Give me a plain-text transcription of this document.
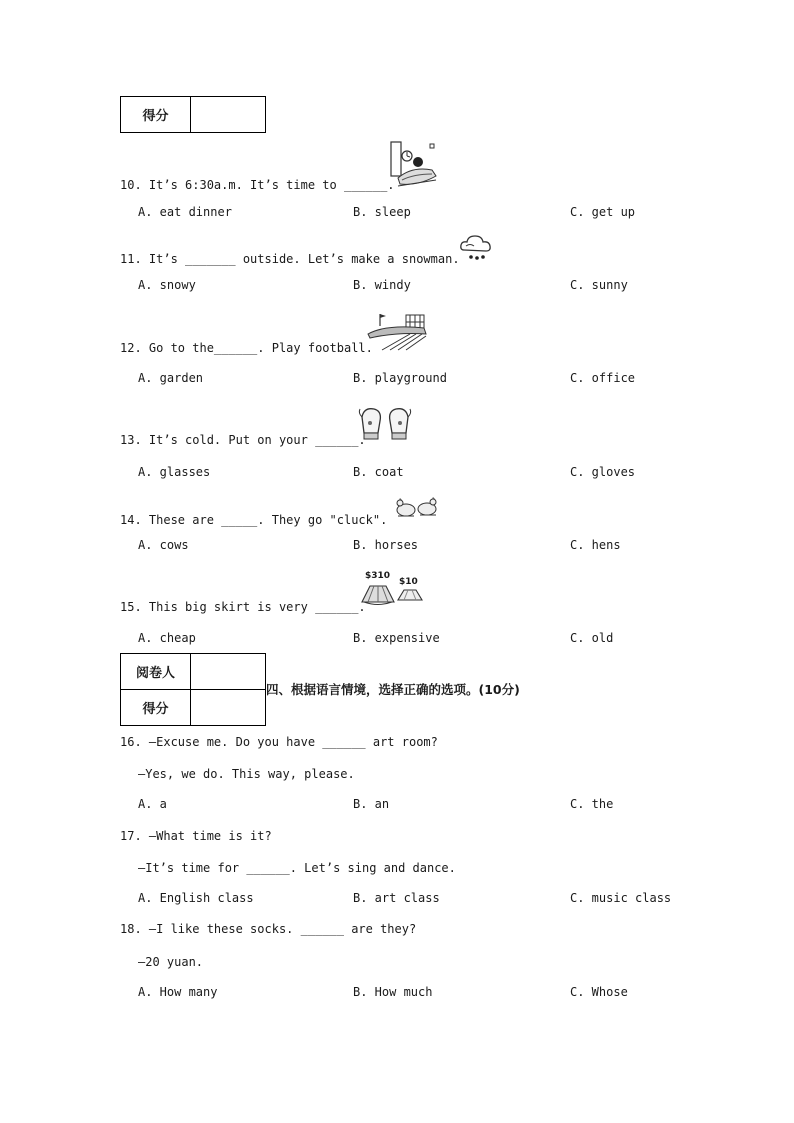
得分
10. It’s 6:30a.m. It’s time to ______.
A. eat dinner	B. sleep	C. get up
11. It’s _______ outside. Let’s make a snowman.
A. snowy	B. windy	C. sunny
12. Go to the______. Play football.
A. garden	B. playground	C. office
13. It’s cold. Put on your ______.
A. glasses	B. coat	C. gloves
14. These are _____. They go "cluck".
A. cows	B. horses	C. hens
$310
$10
15. This big skirt is very ______.
A. cheap	B. expensive	C. old
阅卷人
得分
四、根据语言情境，选择正确的选项。(10分)
16. —Excuse me. Do you have ______ art room?
—Yes, we do. This way, please.
A. a	B. an	C. the
17. —What time is it?
—It’s time for ______. Let’s sing and dance.
A. English class	B. art class	C. music class
18. —I like these socks. ______ are they?
—20 yuan.
A. How many	B. How much	C. Whose
